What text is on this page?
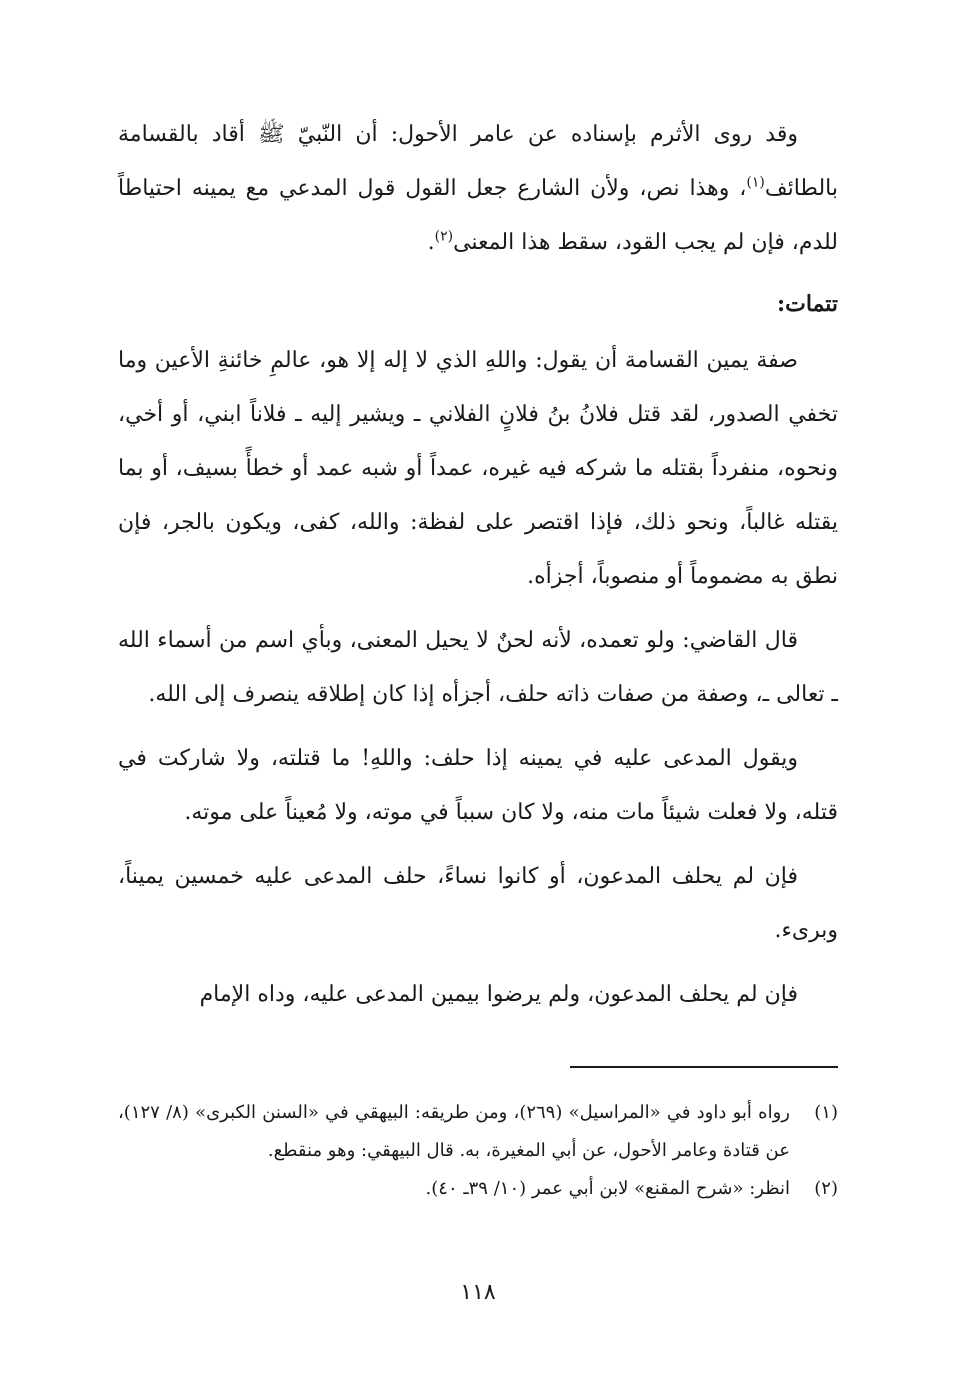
وقد روى الأثرم بإسناده عن عامر الأحول: أن النّبيّ ﷺ أقاد بالقسامة بالطائف$^{(١)}$، وهذا نص، ولأن الشارع جعل القول قول المدعي مع يمينه احتياطاً للدم، فإن لم يجب القود، سقط هذا المعنى$^{(٢)}$.

تتمات:

صفة يمين القسامة أن يقول: واللهِ الذي لا إله إلا هو، عالمِ خائنةِ الأعين وما تخفي الصدور، لقد قتل فلانُ بنُ فلانٍ الفلاني ـ ويشير إليه ـ فلاناً ابني، أو أخي، ونحوه، منفرداً بقتله ما شركه فيه غيره، عمداً أو شبه عمد أو خطأً بسيف، أو بما يقتله غالباً، ونحو ذلك، فإذا اقتصر على لفظة: والله، كفى، ويكون بالجر، فإن نطق به مضموماً أو منصوباً، أجزأه.

قال القاضي: ولو تعمده، لأنه لحنٌ لا يحيل المعنى، وبأي اسم من أسماء الله ـ تعالى ـ، وصفة من صفات ذاته حلف، أجزأه إذا كان إطلاقه ينصرف إلى الله.

ويقول المدعى عليه في يمينه إذا حلف: واللهِ! ما قتلته، ولا شاركت في قتله، ولا فعلت شيئاً مات منه، ولا كان سبباً في موته، ولا مُعيناً على موته.

فإن لم يحلف المدعون، أو كانوا نساءً، حلف المدعى عليه خمسين يميناً، وبرىء.

فإن لم يحلف المدعون، ولم يرضوا بيمين المدعى عليه، وداه الإمام

(١)
رواه أبو داود في «المراسيل» (٢٦٩)، ومن طريقه: البيهقي في «السنن الكبرى» (٨/ ١٢٧)، عن قتادة وعامر الأحول، عن أبي المغيرة، به. قال البيهقي: وهو منقطع.
(٢)
انظر: «شرح المقنع» لابن أبي عمر (١٠/ ٣٩ـ ٤٠).
١١٨
